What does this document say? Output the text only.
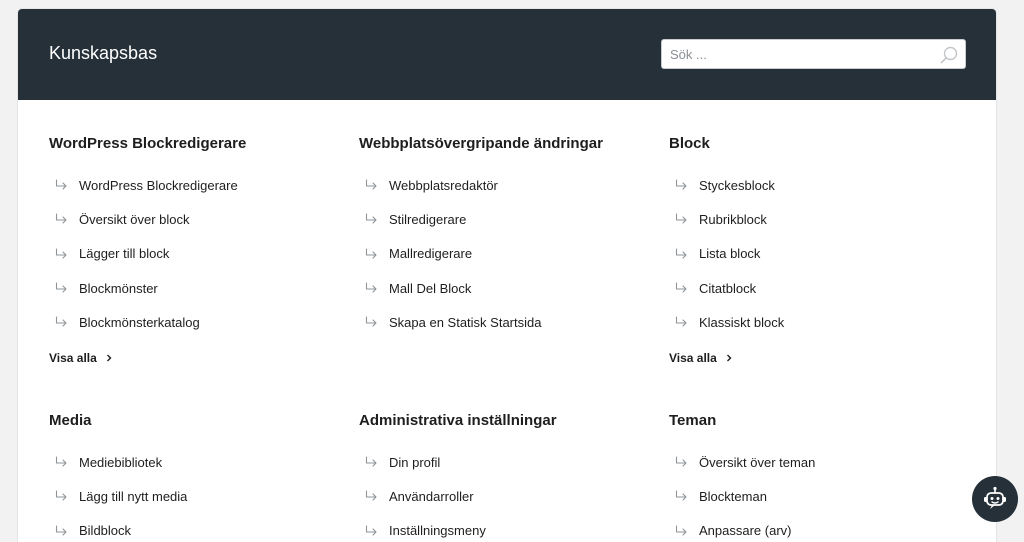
Kunskapsbas
Sök ...
WordPress Blockredigerare
WordPress Blockredigerare
Översikt över block
Lägger till block
Blockmönster
Blockmönsterkatalog
Visa alla
Webbplatsövergripande ändringar
Webbplatsredaktör
Stilredigerare
Mallredigerare
Mall Del Block
Skapa en Statisk Startsida
Block
Styckesblock
Rubrikblock
Lista block
Citatblock
Klassiskt block
Visa alla
Media
Mediebibliotek
Lägg till nytt media
Bildblock
Administrativa inställningar
Din profil
Användarroller
Inställningsmeny
Teman
Översikt över teman
Blockteman
Anpassare (arv)
